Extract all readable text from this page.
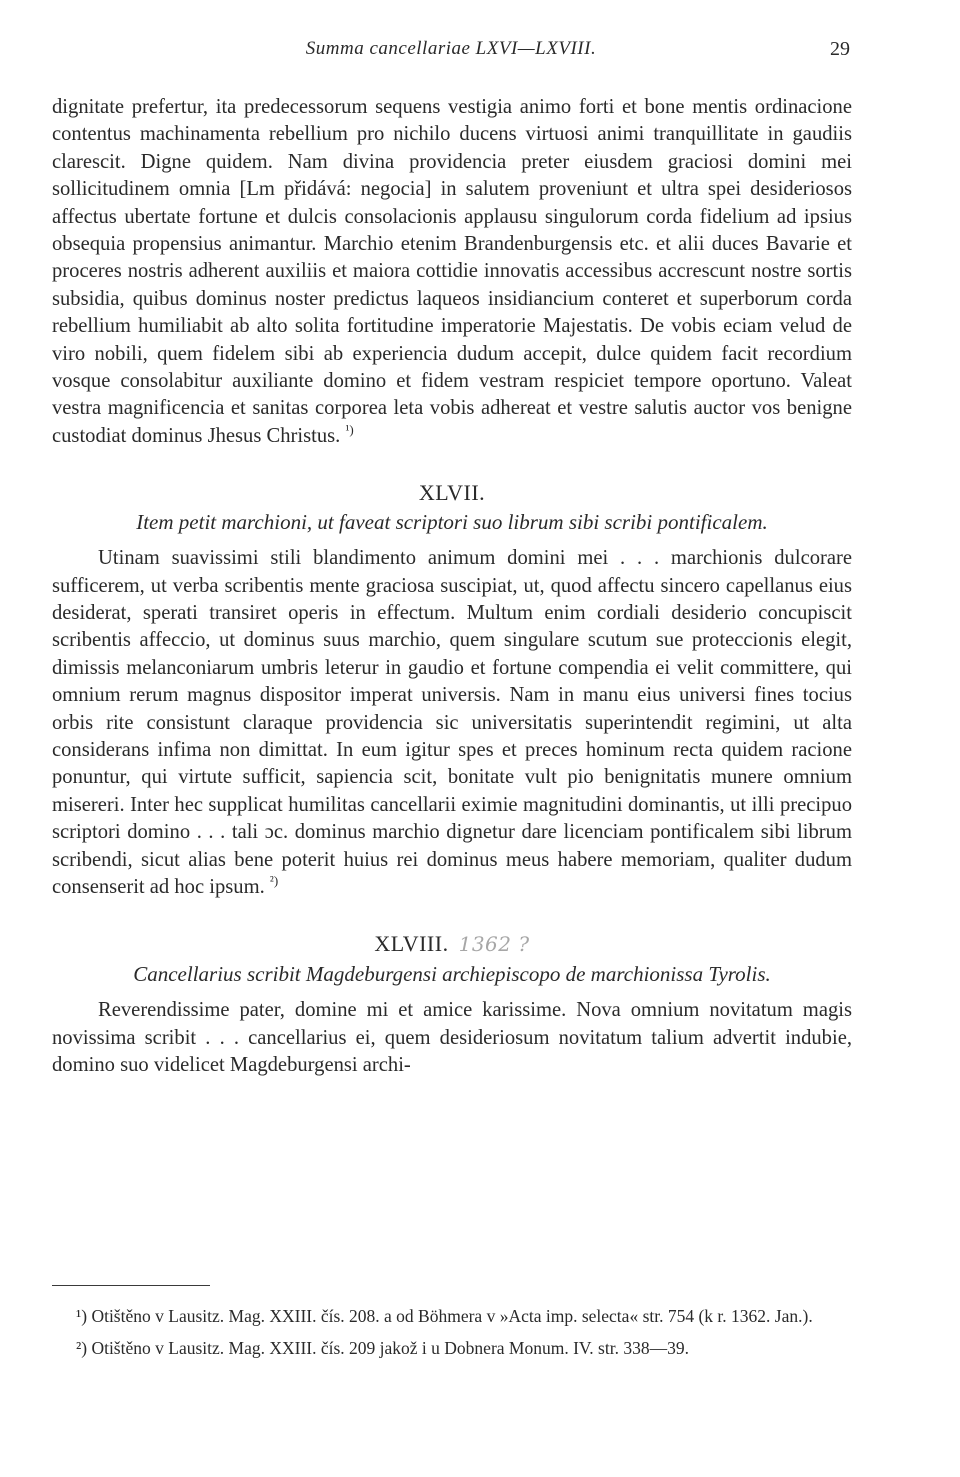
Summa cancellariae LXVI—LXVIII.	29

dignitate prefertur, ita predecessorum sequens vestigia animo forti et bone mentis ordinacione contentus machinamenta rebellium pro nichilo ducens virtuosi animi tranquillitate in gaudiis clarescit. Digne quidem. Nam divina providencia preter eiusdem graciosi domini mei sollicitudinem omnia [Lm přidává: negocia] in salutem proveniunt et ultra spei desideriosos affectus ubertate fortune et dulcis consolacionis applausu singulorum corda fidelium ad ipsius obsequia propensius animantur. Marchio etenim Brandenburgensis etc. et alii duces Bavarie et proceres nostris adherent auxiliis et maiora cottidie innovatis accessibus accrescunt nostre sortis subsidia, quibus dominus noster predictus laqueos insidiancium conteret et superborum corda rebellium humiliabit ab alto solita fortitudine imperatorie Majestatis. De vobis eciam velud de viro nobili, quem fidelem sibi ab experiencia dudum accepit, dulce quidem facit recordium vosque consolabitur auxiliante domino et fidem vestram respiciet tempore oportuno. Valeat vestra magnificencia et sanitas corporea leta vobis adhereat et vestre salutis auctor vos benigne custodiat dominus Jhesus Christus. $^{^1)}$

XLVII.
Item petit marchioni, ut faveat scriptori suo librum sibi scribi pontificalem.

Utinam suavissimi stili blandimento animum domini mei . . . marchionis dulcorare sufficerem, ut verba scribentis mente graciosa suscipiat, ut, quod affectu sincero capellanus eius desiderat, sperati transiret operis in effectum. Multum enim cordiali desiderio concupiscit scribentis affeccio, ut dominus suus marchio, quem singulare scutum sue proteccionis elegit, dimissis melanconiarum umbris leterur in gaudio et fortune compendia ei velit committere, qui omnium rerum magnus dispositor imperat universis. Nam in manu eius universi fines tocius orbis rite consistunt claraque providencia sic universitatis superintendit regimini, ut alta considerans infima non dimittat. In eum igitur spes et preces hominum recta quidem racione ponuntur, qui virtute sufficit, sapiencia scit, bonitate vult pio benignitatis munere omnium misereri. Inter hec supplicat humilitas cancellarii eximie magnitudini dominantis, ut illi precipuo scriptori domino . . . tali ɔc. dominus marchio dignetur dare licenciam pontificalem sibi librum scribendi, sicut alias bene poterit huius rei dominus meus habere memoriam, qualiter dudum consenserit ad hoc ipsum. $^{^2)}$

XLVIII. 1362 ?
Cancellarius scribit Magdeburgensi archiepiscopo de marchionissa Tyrolis.

Reverendissime pater, domine mi et amice karissime. Nova omnium novitatum magis novissima scribit . . . cancellarius ei, quem desideriosum novitatum talium advertit indubie, domino suo videlicet Magdeburgensi archi-

¹) Otištěno v Lausitz. Mag. XXIII. čís. 208. a od Böhmera v »Acta imp. selecta« str. 754 (k r. 1362. Jan.).

²) Otištěno v Lausitz. Mag. XXIII. čís. 209 jakož i u Dobnera Monum. IV. str. 338—39.
